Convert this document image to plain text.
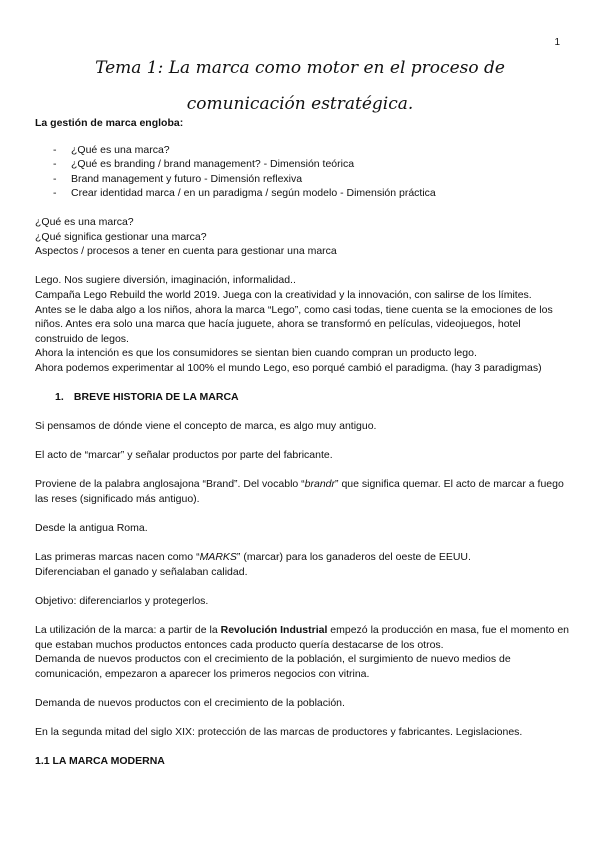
1
Tema 1: La marca como motor en el proceso de comunicación estratégica.

La gestión de marca engloba:

- ¿Qué es una marca?
- ¿Qué es branding / brand management? - Dimensión teórica
- Brand management y futuro - Dimensión reflexiva
- Crear identidad marca / en un paradigma / según modelo - Dimensión práctica

¿Qué es una marca?

¿Qué significa gestionar una marca?

Aspectos / procesos a tener en cuenta para gestionar una marca

Lego. Nos sugiere diversión, imaginación, informalidad..

Campaña Lego Rebuild the world 2019. Juega con la creatividad y la innovación, con salirse de los límites.

Antes se le daba algo a los niños, ahora la marca “Lego”, como casi todas, tiene cuenta se la emociones de los niños. Antes era solo una marca que hacía juguete, ahora se transformó en películas, videojuegos, hotel construido de legos.

Ahora la intención es que los consumidores se sientan bien cuando compran un producto lego.

Ahora podemos experimentar al 100% el mundo Lego, eso porqué cambió el paradigma. (hay 3 paradigmas)

1. BREVE HISTORIA DE LA MARCA

Si pensamos de dónde viene el concepto de marca, es algo muy antiguo.

El acto de “marcar” y señalar productos por parte del fabricante.

Proviene de la palabra anglosajona “Brand”. Del vocablo “brandr” que significa quemar. El acto de marcar a fuego las reses (significado más antiguo).

Desde la antigua Roma.

Las primeras marcas nacen como “MARKS” (marcar) para los ganaderos del oeste de EEUU.

Diferenciaban el ganado y señalaban calidad.

Objetivo: diferenciarlos y protegerlos.

La utilización de la marca: a partir de la Revolución Industrial empezó la producción en masa, fue el momento en que estaban muchos productos entonces cada producto quería destacarse de los otros.

Demanda de nuevos productos con el crecimiento de la población, el surgimiento de nuevo medios de comunicación, empezaron a aparecer los primeros negocios con vitrina.

Demanda de nuevos productos con el crecimiento de la población.

En la segunda mitad del siglo XIX: protección de las marcas de productores y fabricantes. Legislaciones.

1.1 LA MARCA MODERNA
